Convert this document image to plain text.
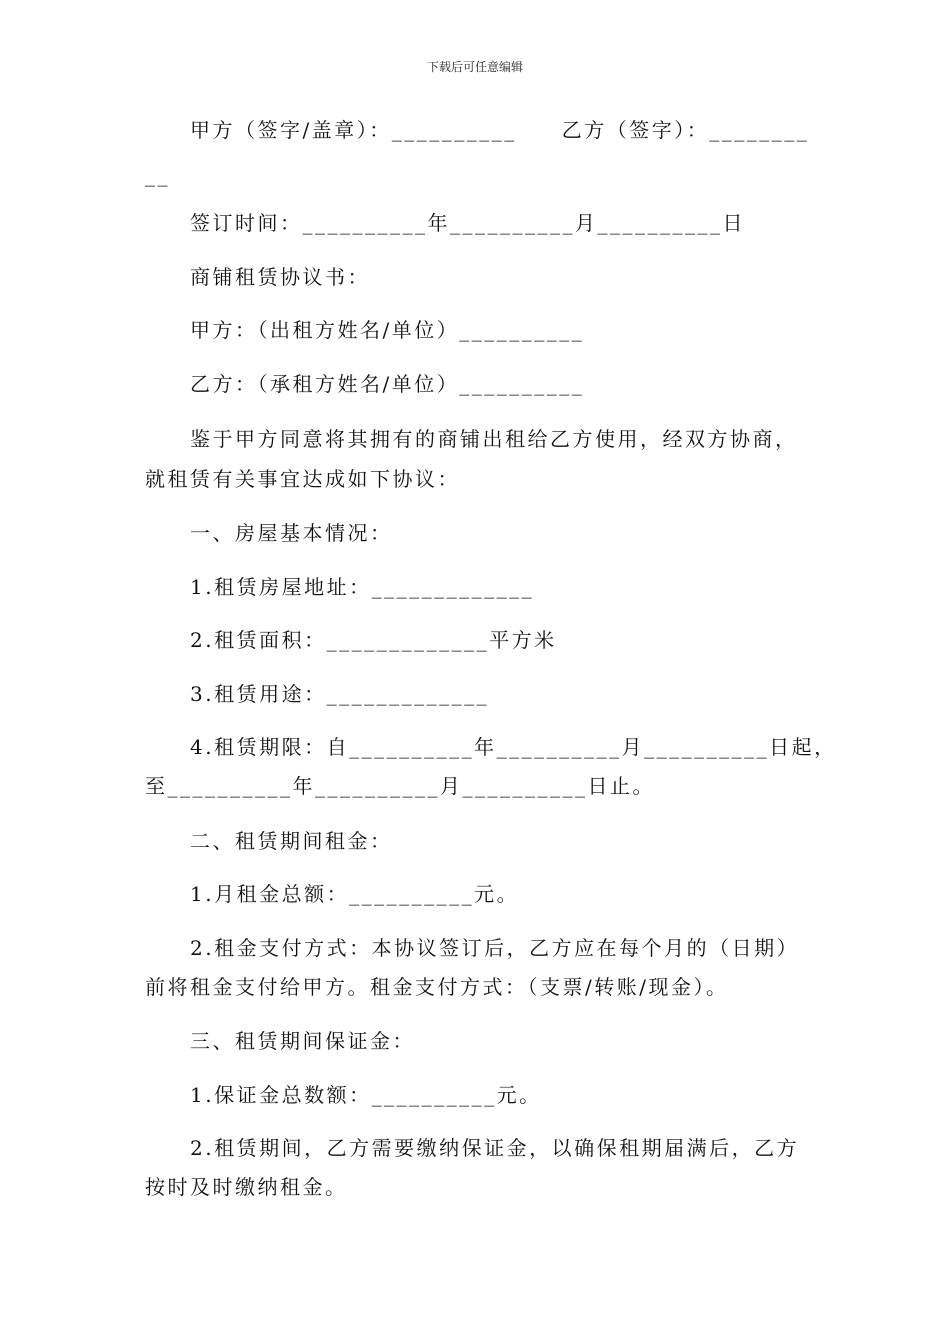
下载后可任意编辑
甲方（签字/盖章）：__________　　乙方（签字）：________
__
签订时间：__________年__________月__________日
商铺租赁协议书：
甲方：（出租方姓名/单位）__________
乙方：（承租方姓名/单位）__________
鉴于甲方同意将其拥有的商铺出租给乙方使用，经双方协商，
就租赁有关事宜达成如下协议：
一、房屋基本情况：
1.租赁房屋地址：_____________
2.租赁面积：_____________平方米
3.租赁用途：_____________
4.租赁期限：自__________年__________月__________日起，
至__________年__________月__________日止。
二、租赁期间租金：
1.月租金总额：__________元。
2.租金支付方式：本协议签订后，乙方应在每个月的（日期）
前将租金支付给甲方。租金支付方式：（支票/转账/现金）。
三、租赁期间保证金：
1.保证金总数额：__________元。
2.租赁期间，乙方需要缴纳保证金，以确保租期届满后，乙方
按时及时缴纳租金。
